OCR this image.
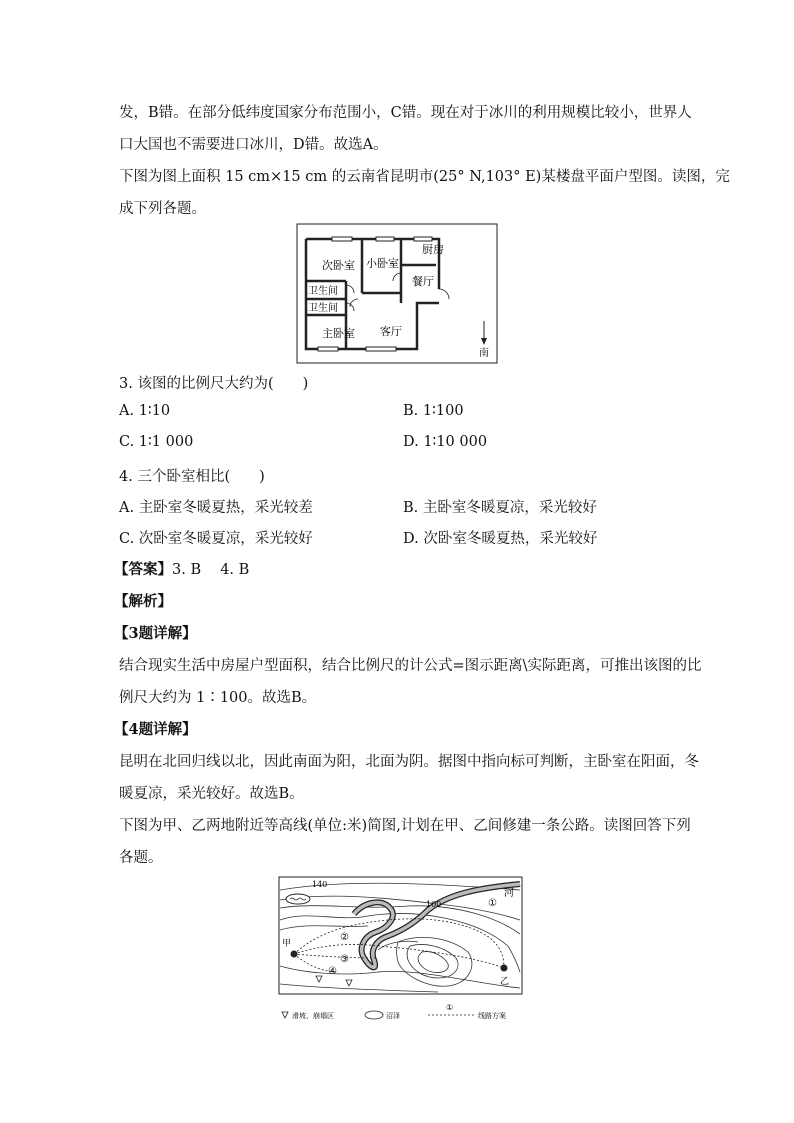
发，B错。在部分低纬度国家分布范围小，C错。现在对于冰川的利用规模比较小，世界人
口大国也不需要进口冰川，D错。故选A。
下图为图上面积 15 cm×15 cm 的云南省昆明市(25° N,103° E)某楼盘平面户型图。读图，完
成下列各题。
次卧室 小卧室
厨房
餐厅
卫生间
卫生间
主卧室 客厅
南
3. 该图的比例尺大约为(　　)
A. 1∶10	B. 1∶100
C. 1∶1 000	D. 1∶10 000
4. 三个卧室相比(　　)
A. 主卧室冬暖夏热，采光较差	B. 主卧室冬暖夏凉，采光较好
C. 次卧室冬暖夏凉，采光较好	D. 次卧室冬暖夏热，采光较好
【答案】3. B　 4. B
【解析】
【3题详解】
结合现实生活中房屋户型面积，结合比例尺的计公式=图示距离\实际距离，可推出该图的比
例尺大约为 1∶100。故选B。
【4题详解】
昆明在北回归线以北，因此南面为阳，北面为阴。据图中指向标可判断，主卧室在阳面，冬
暖夏凉，采光较好。故选B。
下图为甲、乙两地附近等高线(单位:米)简图,计划在甲、乙间修建一条公路。读图回答下列
各题。
140
100	①
河
②
③
④
甲
乙
滑坡、崩塌区	沼泽
①
线路方案
